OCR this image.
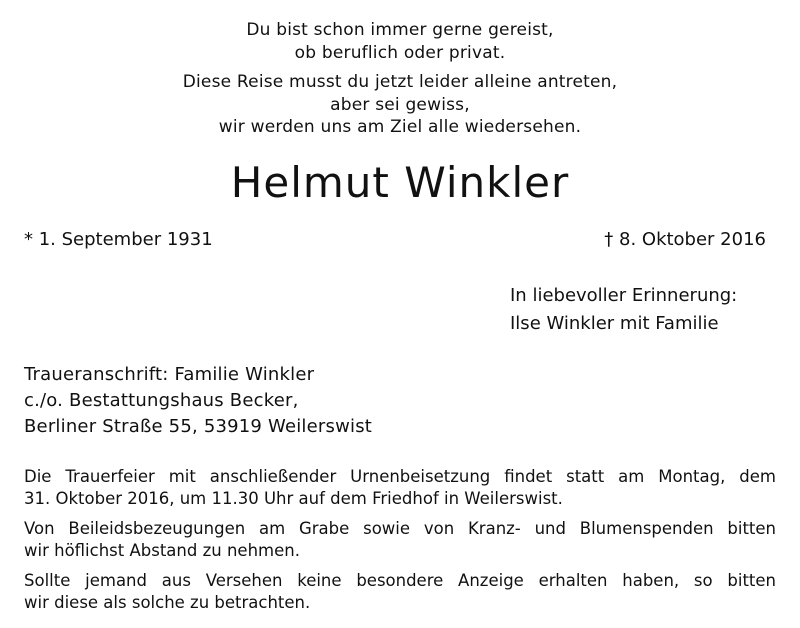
Du bist schon immer gerne gereist,
ob beruflich oder privat.
Diese Reise musst du jetzt leider alleine antreten,
aber sei gewiss,
wir werden uns am Ziel alle wiedersehen.
Helmut Winkler
* 1. September 1931	† 8. Oktober 2016
In liebevoller Erinnerung:
Ilse Winkler mit Familie
Traueranschrift: Familie Winkler
c./o. Bestattungshaus Becker,
Berliner Straße 55, 53919 Weilerswist
Die Trauerfeier mit anschließender Urnenbeisetzung findet statt am Montag, dem
31. Oktober 2016, um 11.30 Uhr auf dem Friedhof in Weilerswist.
Von Beileidsbezeugungen am Grabe sowie von Kranz- und Blumenspenden bitten
wir höflichst Abstand zu nehmen.
Sollte jemand aus Versehen keine besondere Anzeige erhalten haben, so bitten
wir diese als solche zu betrachten.
